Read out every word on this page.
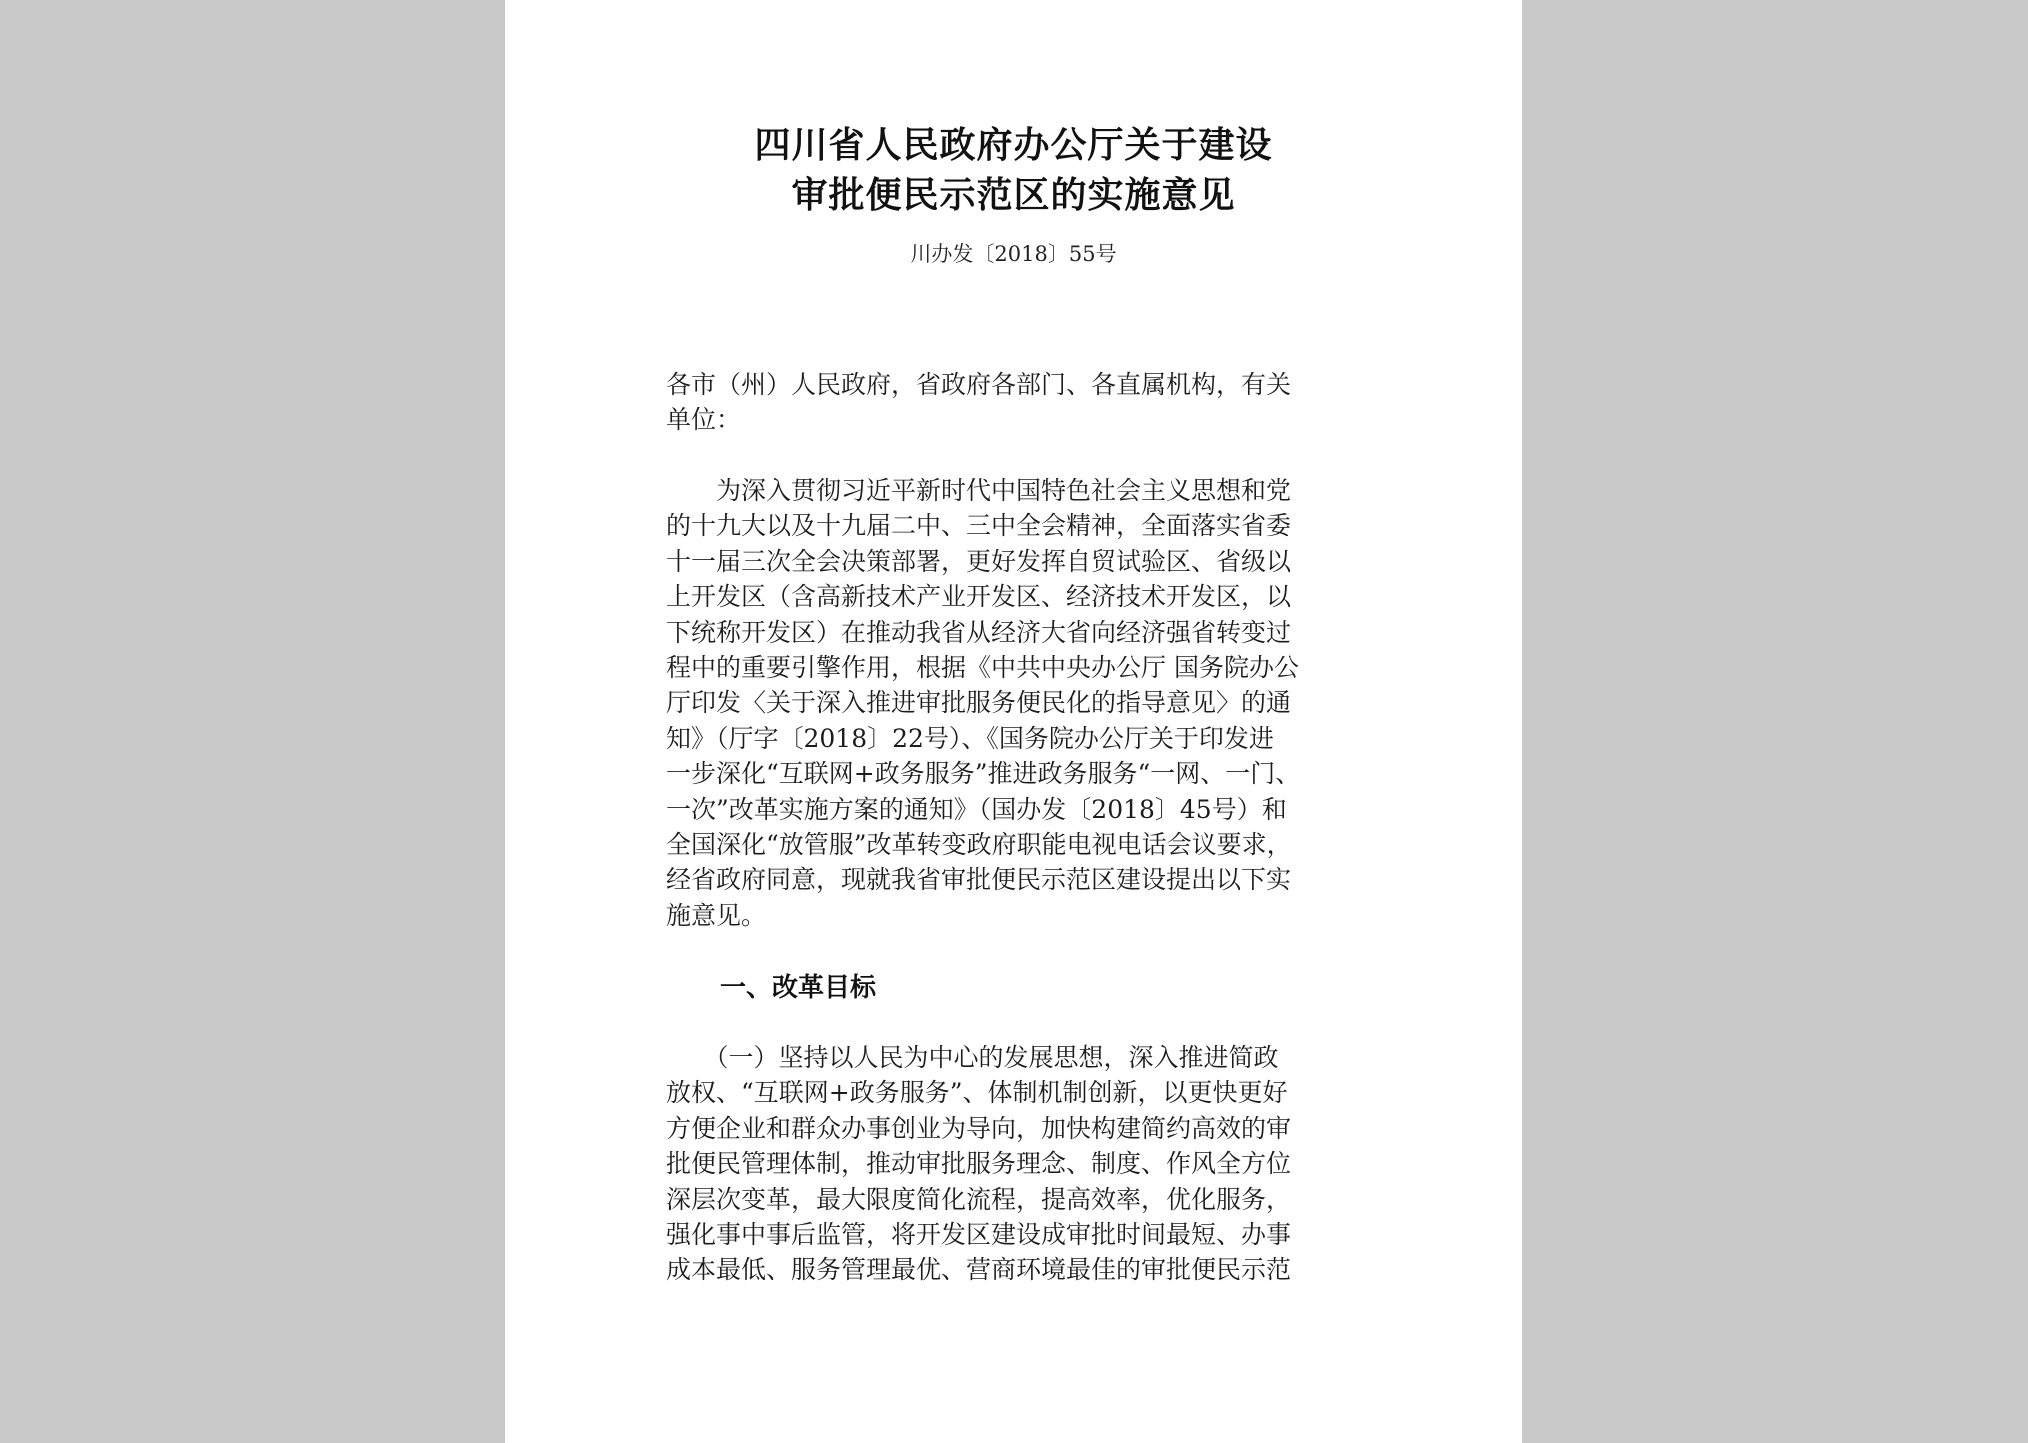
四川省人民政府办公厅关于建设
审批便民示范区的实施意见
川办发〔2018〕55号
各市（州）人民政府，省政府各部门、各直属机构，有关
单位：
　　为深入贯彻习近平新时代中国特色社会主义思想和党
的十九大以及十九届二中、三中全会精神，全面落实省委
十一届三次全会决策部署，更好发挥自贸试验区、省级以
上开发区（含高新技术产业开发区、经济技术开发区，以
下统称开发区）在推动我省从经济大省向经济强省转变过
程中的重要引擎作用，根据《中共中央办公厅 国务院办公
厅印发〈关于深入推进审批服务便民化的指导意见〉的通
知》（厅字〔2018〕22号）、《国务院办公厅关于印发进
一步深化“互联网+政务服务”推进政务服务“一网、一门、
一次”改革实施方案的通知》（国办发〔2018〕45号）和
全国深化“放管服”改革转变政府职能电视电话会议要求，
经省政府同意，现就我省审批便民示范区建设提出以下实
施意见。
一、改革目标
　　（一）坚持以人民为中心的发展思想，深入推进简政
放权、“互联网+政务服务”、体制机制创新，以更快更好
方便企业和群众办事创业为导向，加快构建简约高效的审
批便民管理体制，推动审批服务理念、制度、作风全方位
深层次变革，最大限度简化流程，提高效率，优化服务，
强化事中事后监管，将开发区建设成审批时间最短、办事
成本最低、服务管理最优、营商环境最佳的审批便民示范
